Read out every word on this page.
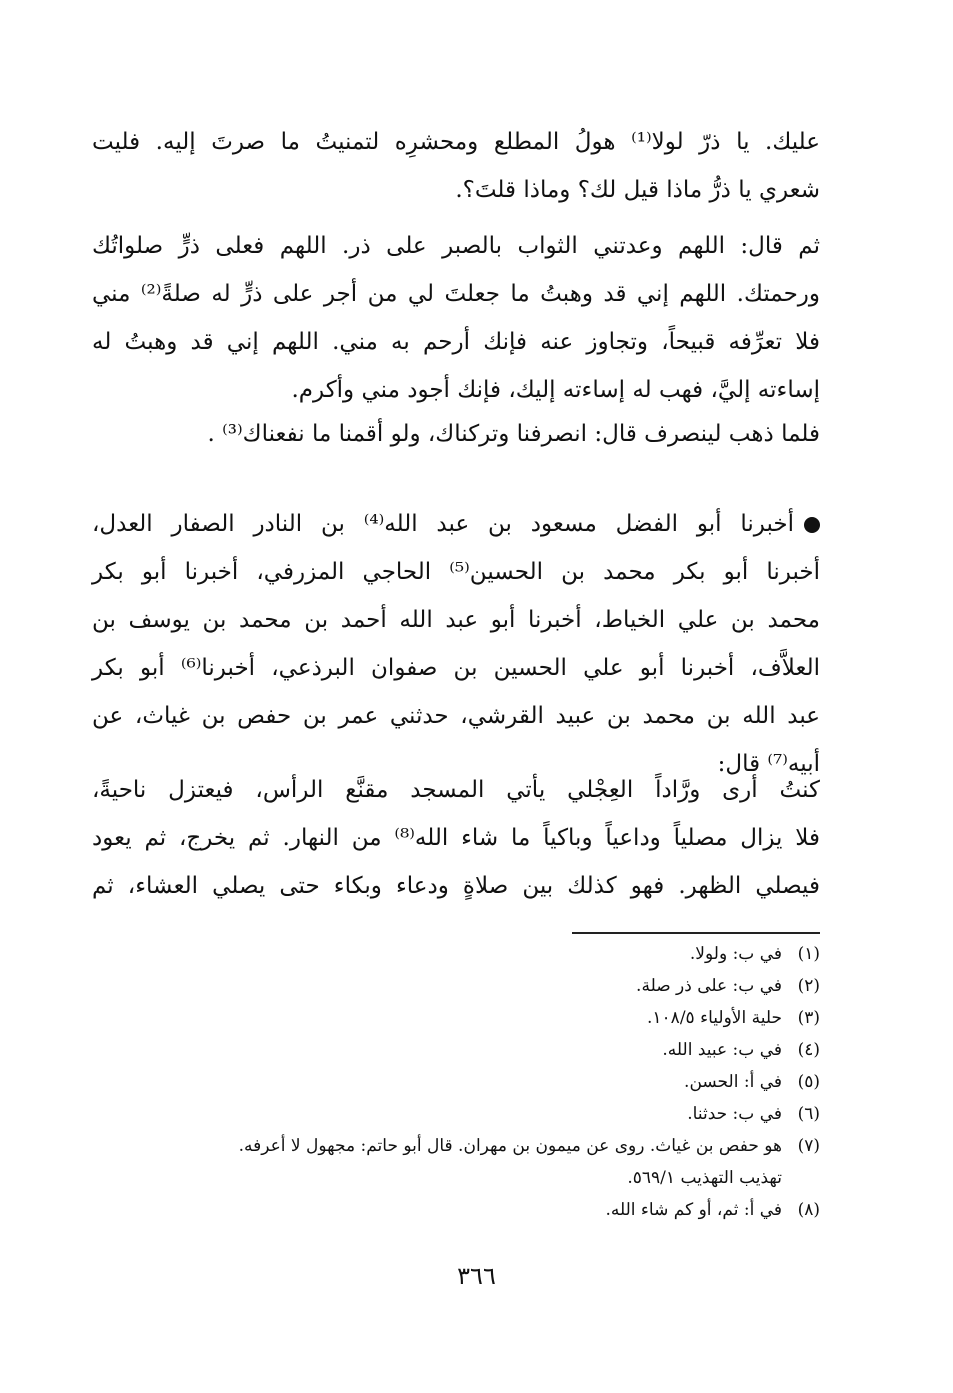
عليك. يا ذرّ لولا⁽¹⁾ هولُ المطلع ومحشرِه لتمنيتُ ما صرتَ إليه. فليت
شعري يا ذرُّ ماذا قيل لك؟ وماذا قلتَ؟.
ثم قال: اللهم وعدتني الثواب بالصبر على ذر. اللهم فعلى ذرٍّ صلواتُك
ورحمتك. اللهم إني قد وهبتُ ما جعلتَ لي من أجر على ذرٍّ له صلةً⁽²⁾ مني
فلا تعرِّفه قبيحاً، وتجاوز عنه فإنك أرحم به مني. اللهم إني قد وهبتُ له
إساءته إليَّ، فهب له إساءته إليك، فإنك أجود مني وأكرم.
فلما ذهب لينصرف قال: انصرفنا وتركناك، ولو أقمنا ما نفعناك⁽³⁾ .
أخبرنا أبو الفضل مسعود بن عبد الله⁽⁴⁾ بن النادر الصفار العدل،
أخبرنا أبو بكر محمد بن الحسين⁽⁵⁾ الحاجي المزرفي، أخبرنا أبو بكر
محمد بن علي الخياط، أخبرنا أبو عبد الله أحمد بن محمد بن يوسف بن
العلاَّف، أخبرنا أبو علي الحسين بن صفوان البرذعي، أخبرنا⁽⁶⁾ أبو بكر
عبد الله بن محمد بن عبيد القرشي، حدثني عمر بن حفص بن غياث، عن
أبيه⁽⁷⁾ قال:
كنتُ أرى ورَّاداً العِجْلي يأتي المسجد مقنَّع الرأس، فيعتزل ناحيةً،
فلا يزال مصلياً وداعياً وباكياً ما شاء الله⁽⁸⁾ من النهار. ثم يخرج، ثم يعود
فيصلي الظهر. فهو كذلك بين صلاةٍ ودعاء وبكاء حتى يصلي العشاء، ثم
(١)في ب: ولولا.
(٢)في ب: على ذر صلة.
(٣)حلية الأولياء ١٠٨/٥.
(٤)في ب: عبيد الله.
(٥)في أ: الحسن.
(٦)في ب: حدثنا.
(٧)هو حفص بن غياث. روى عن ميمون بن مهران. قال أبو حاتم: مجهول لا أعرفه.
تهذيب التهذيب ٥٦٩/١.
(٨)في أ: ثم، أو كم شاء الله.
٣٦٦
